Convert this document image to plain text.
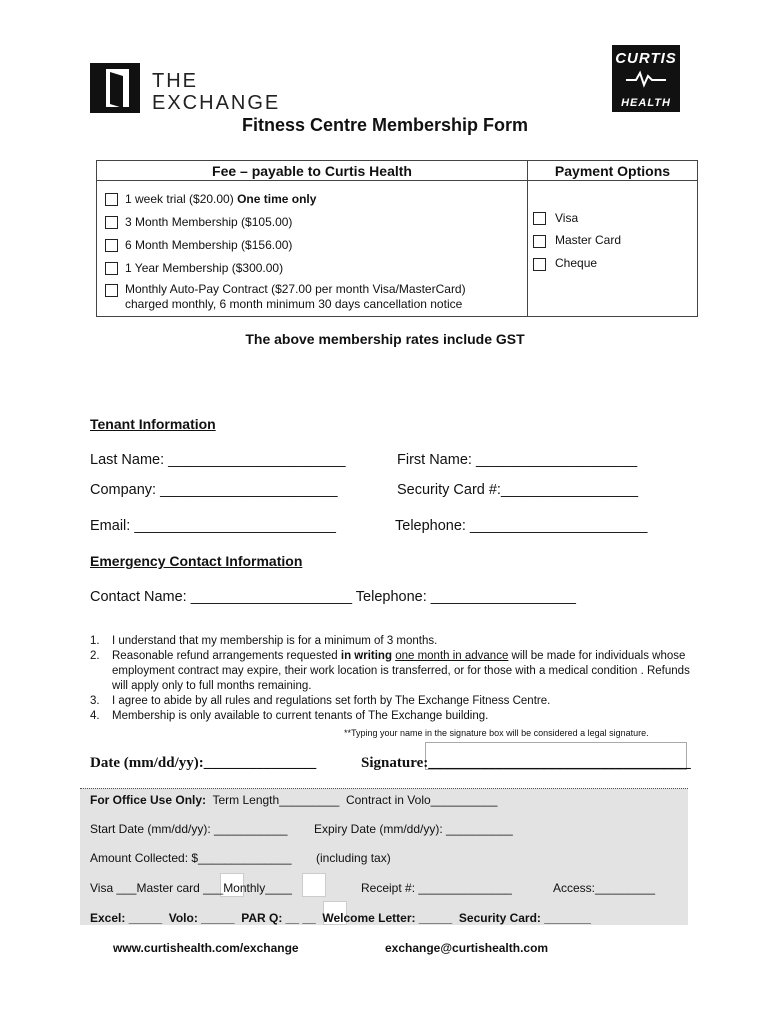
THE
EXCHANGE
CURTIS
HEALTH
Fitness Centre Membership Form
Fee – payable to Curtis Health	Payment Options
1 week trial ($20.00) One time only
3 Month Membership ($105.00)
6 Month Membership ($156.00)
1 Year Membership ($300.00)
Monthly Auto-Pay Contract ($27.00 per month Visa/MasterCard)
charged monthly, 6 month minimum 30 days cancellation notice
Visa
Master Card
Cheque
The above membership rates include GST
Tenant Information
Last Name: ______________________	First Name: ____________________
Company: ______________________	Security Card #:_________________
Email: _________________________	Telephone: ______________________
Emergency Contact Information
Contact Name: ____________________ Telephone: __________________
1. I understand that my membership is for a minimum of 3 months.
2. Reasonable refund arrangements requested in writing one month in advance will be made for individuals whose employment contract may expire, their work location is transferred, or for those with a medical condition . Refunds will apply only to full months remaining.
3. I agree to abide by all rules and regulations set forth by The Exchange Fitness Centre.
4. Membership is only available to current tenants of The Exchange building.
**Typing your name in the signature box will be considered a legal signature.
Date (mm/dd/yy):_______________	Signature:___________________________________
For Office Use Only: Term Length_________ Contract in Volo__________
Start Date (mm/dd/yy): ___________ Expiry Date (mm/dd/yy): __________
Amount Collected: $______________ (including tax)
Visa ___Master card ___Monthly____	Receipt #: ______________	Access:_________
Excel: _____ Volo: _____ PAR Q: __ __ Welcome Letter: _____ Security Card: _______
www.curtishealth.com/exchange	exchange@curtishealth.com
